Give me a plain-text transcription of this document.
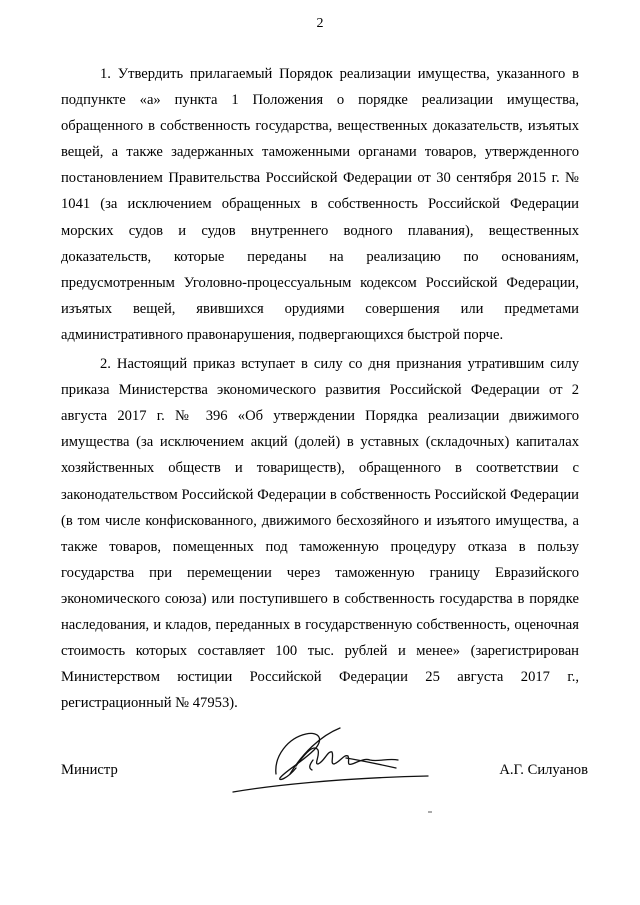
2

1. Утвердить прилагаемый Порядок реализации имущества, указанного в подпункте «а» пункта 1 Положения о порядке реализации имущества, обращенного в собственность государства, вещественных доказательств, изъятых вещей, а также задержанных таможенными органами товаров, утвержденного постановлением Правительства Российской Федерации от 30 сентября 2015 г. № 1041 (за исключением обращенных в собственность Российской Федерации морских судов и судов внутреннего водного плавания), вещественных доказательств, которые переданы на реализацию по основаниям, предусмотренным Уголовно-процессуальным кодексом Российской Федерации, изъятых вещей, явившихся орудиями совершения или предметами административного правонарушения, подвергающихся быстрой порче.

2. Настоящий приказ вступает в силу со дня признания утратившим силу приказа Министерства экономического развития Российской Федерации от 2 августа 2017 г. № 396 «Об утверждении Порядка реализации движимого имущества (за исключением акций (долей) в уставных (складочных) капиталах хозяйственных обществ и товариществ), обращенного в соответствии с законодательством Российской Федерации в собственность Российской Федерации (в том числе конфискованного, движимого бесхозяйного и изъятого имущества, а также товаров, помещенных под таможенную процедуру отказа в пользу государства при перемещении через таможенную границу Евразийского экономического союза) или поступившего в собственность государства в порядке наследования, и кладов, переданных в государственную собственность, оценочная стоимость которых составляет 100 тыс. рублей и менее» (зарегистрирован Министерством юстиции Российской Федерации 25 августа 2017 г., регистрационный № 47953).

Министр	А.Г. Силуанов
